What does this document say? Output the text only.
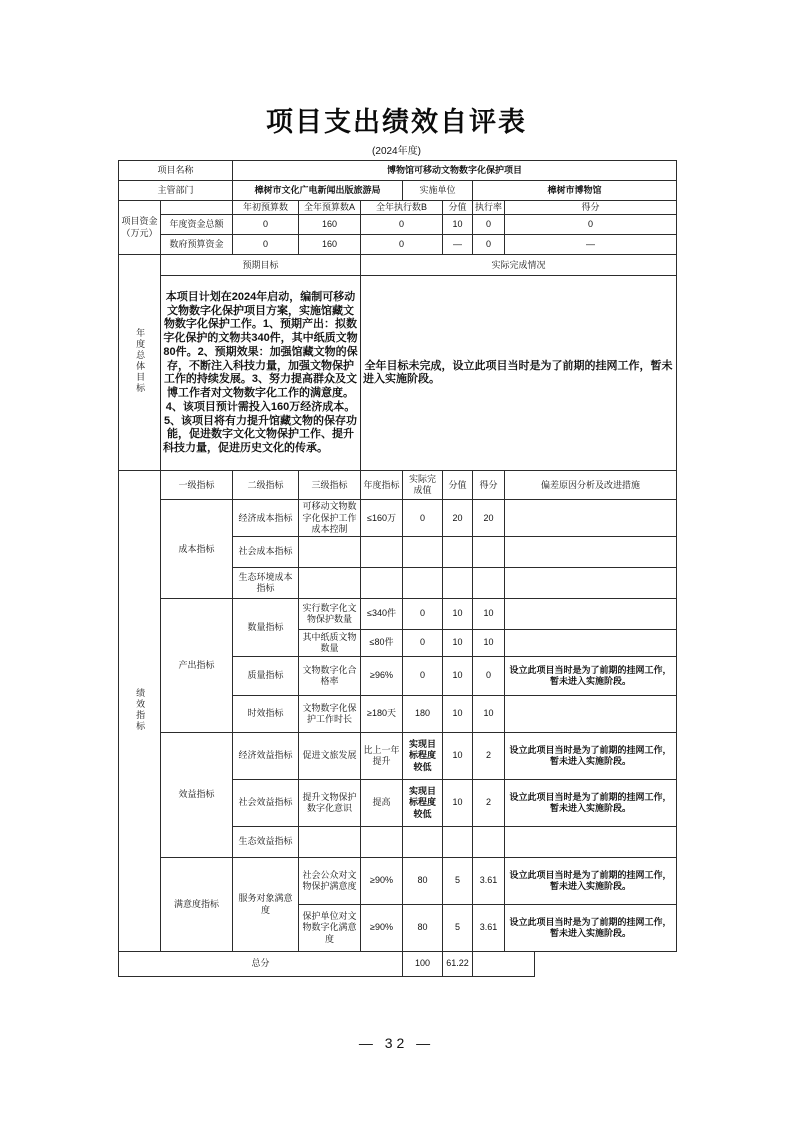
项目支出绩效自评表
(2024年度)
项目名称		博物馆可移动文物数字化保护项目						
主管部门		樟树市文化广电新闻出版旅游局			实施单位		樟树市博物馆	

项目资金
（万元）		年初预算数	全年预算数A	全年执行数B		分值	执行率	得分
	年度资金总额	0	160	0		10	0	0
	数府预算资金	0	160	0		—	0	—
年度总体目标	预期目标			实际完成情况				
	本项目计划在2024年启动，编制可移动文物数字化保护项目方案，实施馆藏文物数字化保护工作。1、预期产出：拟数字化保护的文物共340件，其中纸质文物80件。2、预期效果：加强馆藏文物的保存，不断注入科技力量，加强文物保护工作的持续发展。3、努力提高群众及文博工作者对文物数字化工作的满意度。4、该项目预计需投入160万经济成本。5、该项目将有力提升馆藏文物的保存功能，促进数字文化文物保护工作、提升科技力量，促进历史文化的传承。			全年目标未完成，设立此项目当时是为了前期的挂网工作，暂未进入实施阶段。				
绩效指标	一级指标	二级指标	三级指标	年度指标	实际完成值	分值	得分	偏差原因分析及改进措施
	成本指标	经济成本指标	可移动文物数字化保护工作成本控制	≤160万	0	20	20	
		社会成本指标						
		生态环境成本指标						
	产出指标	数量指标	实行数字化文物保护数量	≤340件	0	10	10	
			其中纸质文物数量	≤80件	0	10	10	
		质量指标	文物数字化合格率	≥96%	0	10	0	设立此项目当时是为了前期的挂网工作，暂未进入实施阶段。
		时效指标	文物数字化保护工作时长	≥180天	180	10	10	
	效益指标	经济效益指标	促进文旅发展	比上一年提升	实现目标程度较低	10	2	设立此项目当时是为了前期的挂网工作，暂未进入实施阶段。
		社会效益指标	提升文物保护数字化意识	提高	实现目标程度较低	10	2	设立此项目当时是为了前期的挂网工作，暂未进入实施阶段。
		生态效益指标						
	满意度指标	服务对象满意度	社会公众对文物保护满意度	≥90%	80	5	3.61	设立此项目当时是为了前期的挂网工作，暂未进入实施阶段。
			保护单位对文物数字化满意度	≥90%	80	5	3.61	设立此项目当时是为了前期的挂网工作，暂未进入实施阶段。
总分					100	61.22		
— 32 —
